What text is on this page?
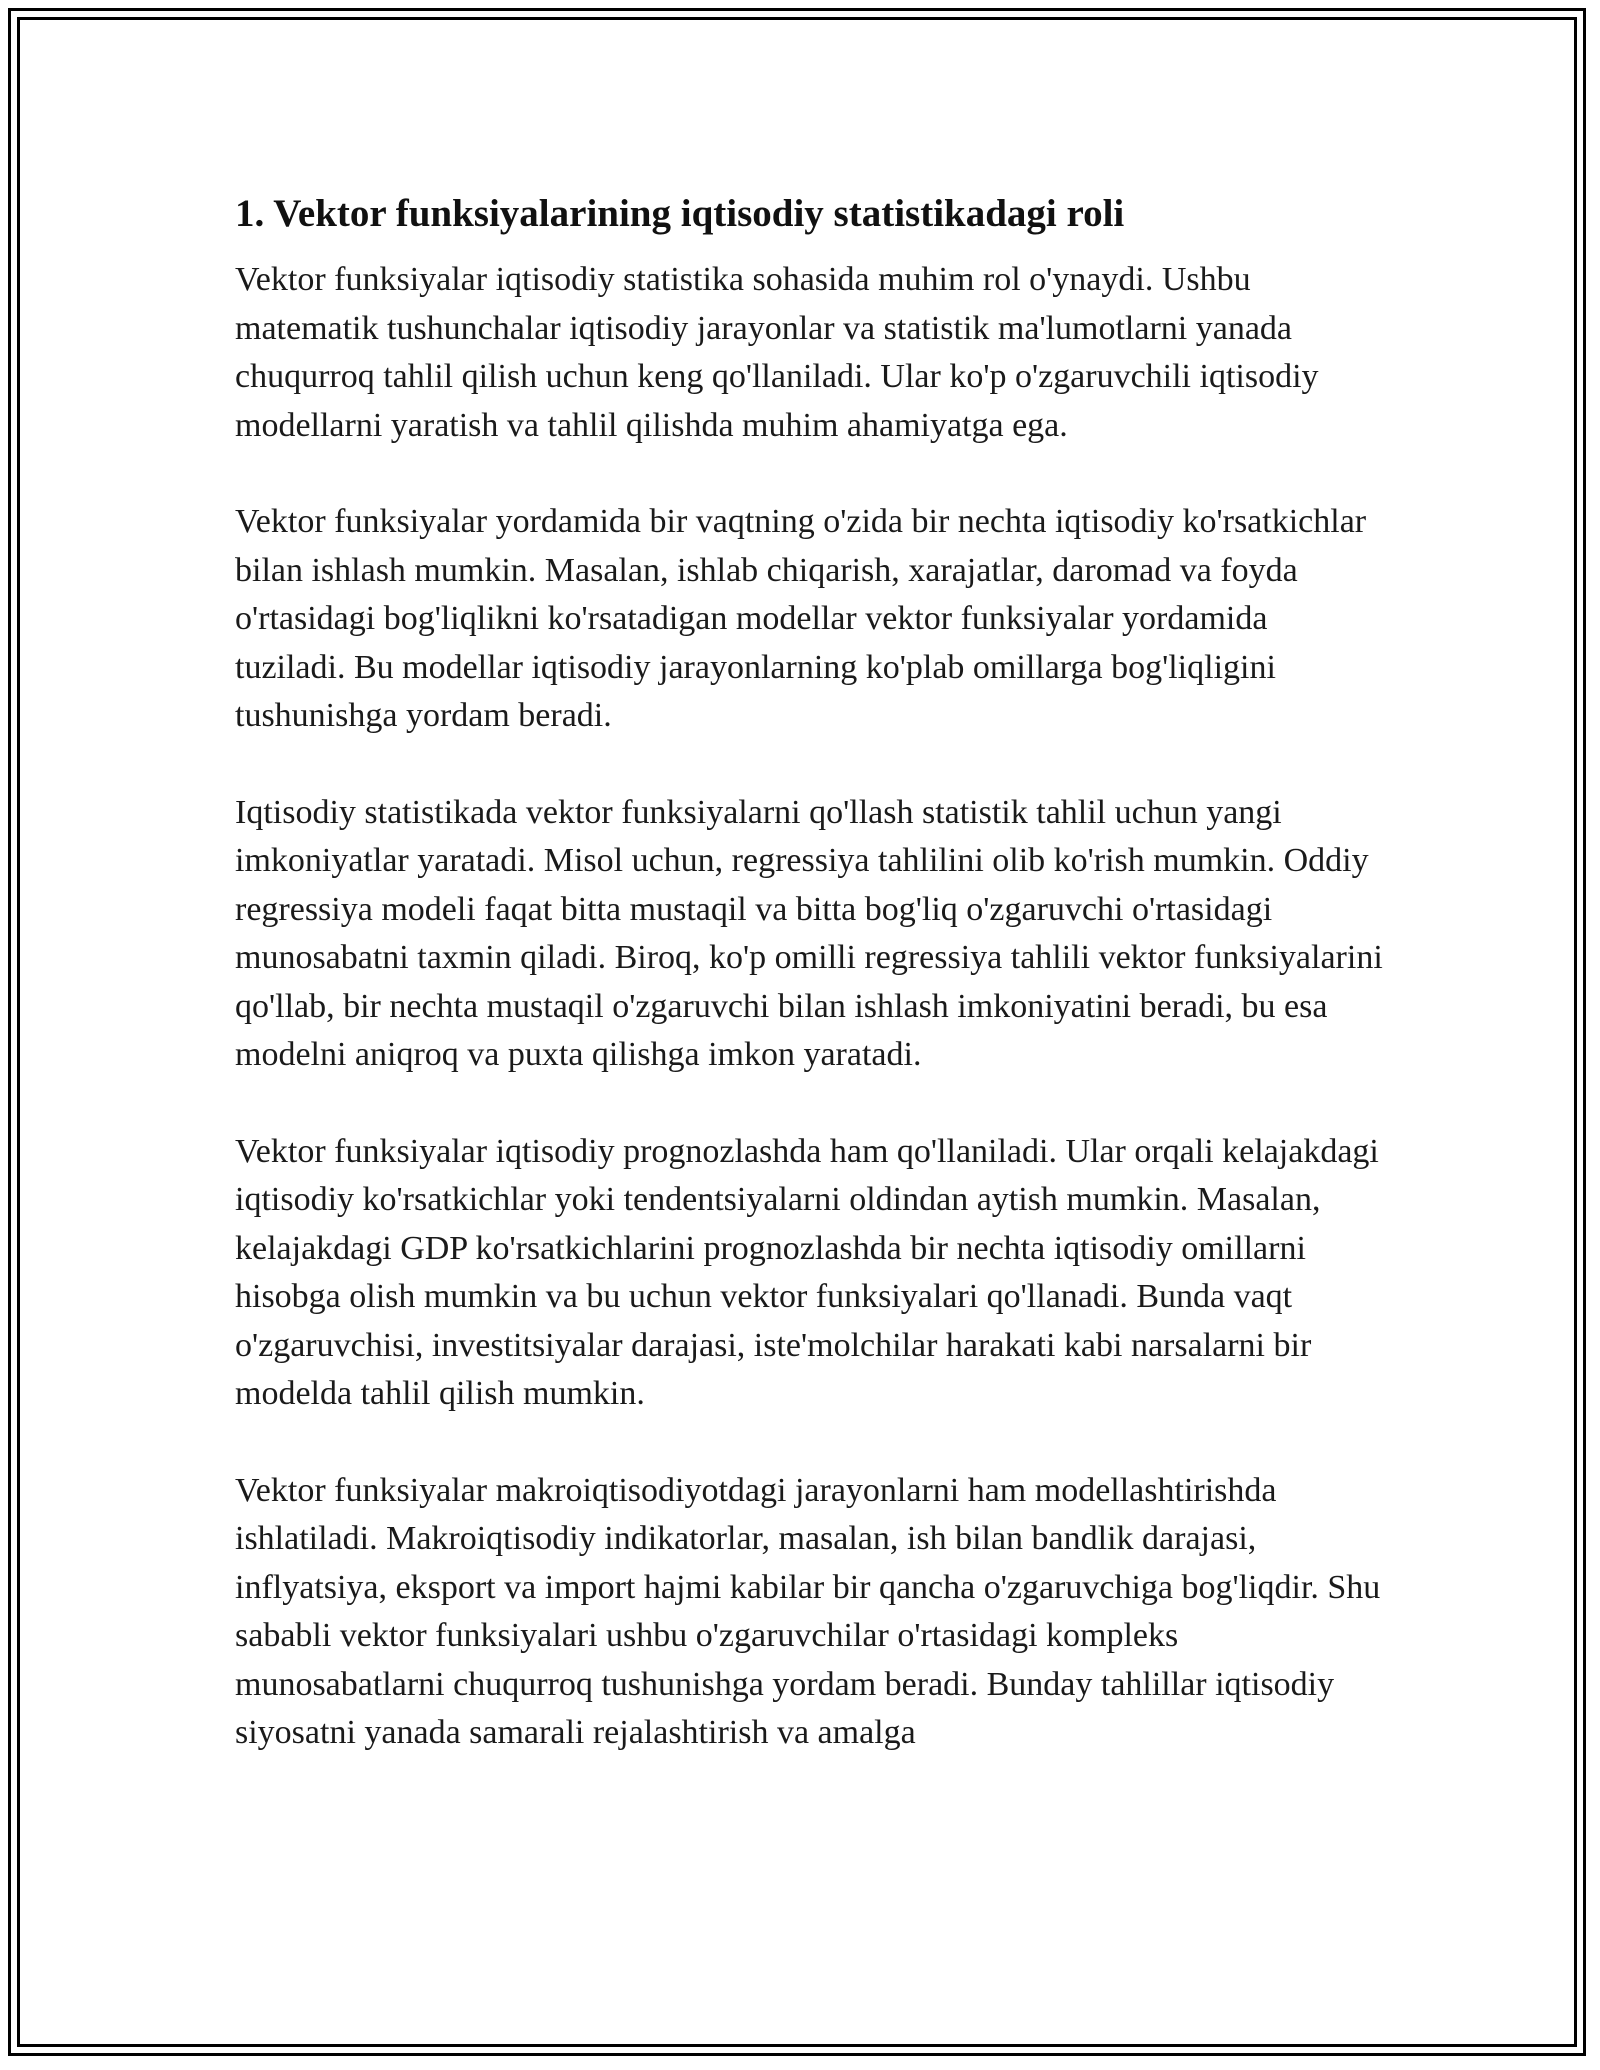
1. Vektor funksiyalarining iqtisodiy statistikadagi roli

Vektor funksiyalar iqtisodiy statistika sohasida muhim rol o'ynaydi. Ushbu matematik tushunchalar iqtisodiy jarayonlar va statistik ma'lumotlarni yanada chuqurroq tahlil qilish uchun keng qo'llaniladi. Ular ko'p o'zgaruvchili iqtisodiy modellarni yaratish va tahlil qilishda muhim ahamiyatga ega.

Vektor funksiyalar yordamida bir vaqtning o'zida bir nechta iqtisodiy ko'rsatkichlar bilan ishlash mumkin. Masalan, ishlab chiqarish, xarajatlar, daromad va foyda o'rtasidagi bog'liqlikni ko'rsatadigan modellar vektor funksiyalar yordamida tuziladi. Bu modellar iqtisodiy jarayonlarning ko'plab omillarga bog'liqligini tushunishga yordam beradi.

Iqtisodiy statistikada vektor funksiyalarni qo'llash statistik tahlil uchun yangi imkoniyatlar yaratadi. Misol uchun, regressiya tahlilini olib ko'rish mumkin. Oddiy regressiya modeli faqat bitta mustaqil va bitta bog'liq o'zgaruvchi o'rtasidagi munosabatni taxmin qiladi. Biroq, ko'p omilli regressiya tahlili vektor funksiyalarini qo'llab, bir nechta mustaqil o'zgaruvchi bilan ishlash imkoniyatini beradi, bu esa modelni aniqroq va puxta qilishga imkon yaratadi.

Vektor funksiyalar iqtisodiy prognozlashda ham qo'llaniladi. Ular orqali kelajakdagi iqtisodiy ko'rsatkichlar yoki tendentsiyalarni oldindan aytish mumkin. Masalan, kelajakdagi GDP ko'rsatkichlarini prognozlashda bir nechta iqtisodiy omillarni hisobga olish mumkin va bu uchun vektor funksiyalari qo'llanadi. Bunda vaqt o'zgaruvchisi, investitsiyalar darajasi, iste'molchilar harakati kabi narsalarni bir modelda tahlil qilish mumkin.

Vektor funksiyalar makroiqtisodiyotdagi jarayonlarni ham modellashtirishda ishlatiladi. Makroiqtisodiy indikatorlar, masalan, ish bilan bandlik darajasi, inflyatsiya, eksport va import hajmi kabilar bir qancha o'zgaruvchiga bog'liqdir. Shu sababli vektor funksiyalari ushbu o'zgaruvchilar o'rtasidagi kompleks munosabatlarni chuqurroq tushunishga yordam beradi. Bunday tahlillar iqtisodiy siyosatni yanada samarali rejalashtirish va amalga
